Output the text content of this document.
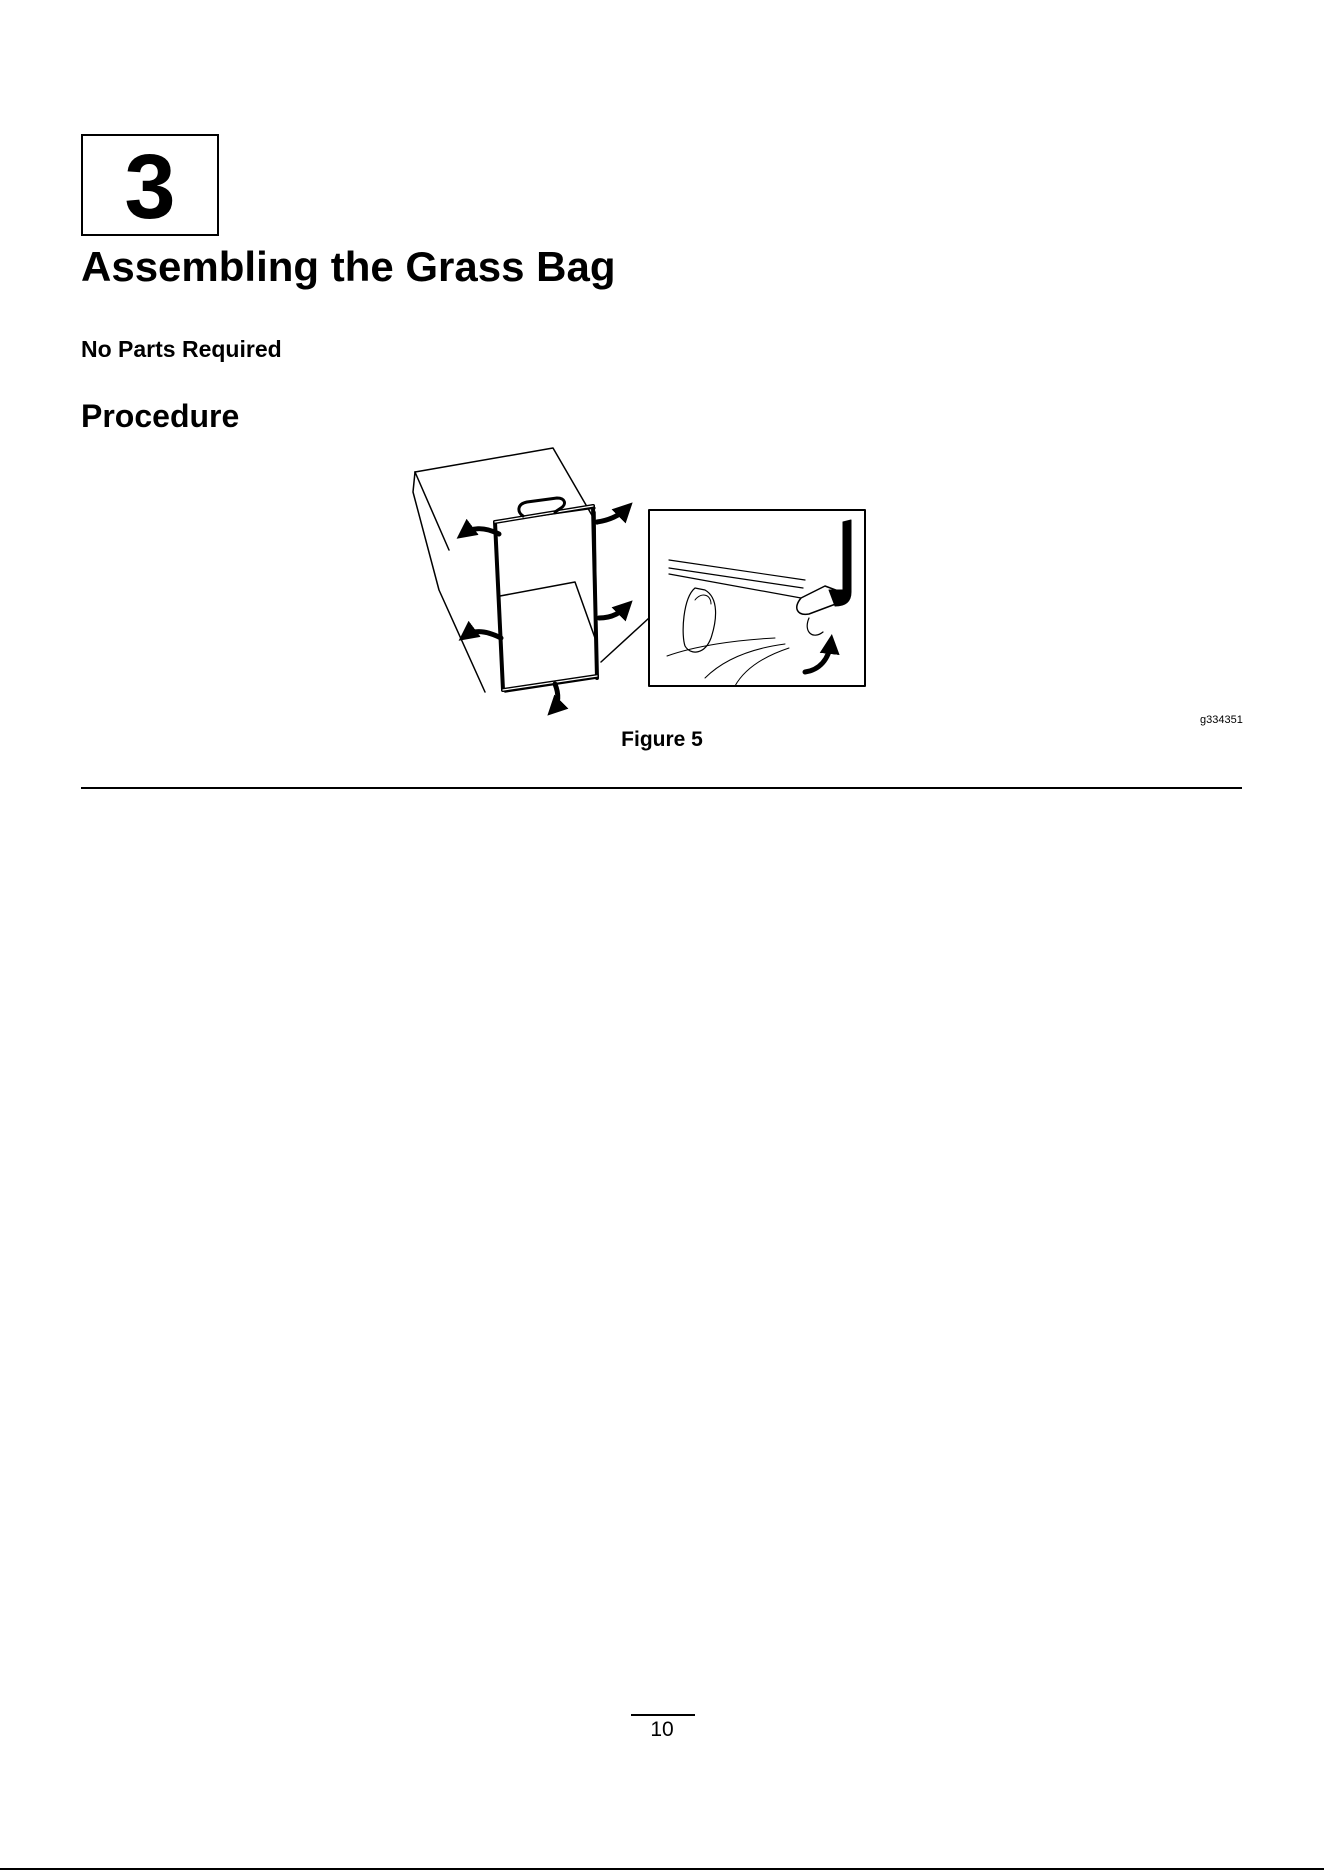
3
Assembling the Grass Bag

No Parts Required

Procedure
g334351
Figure 5
10
